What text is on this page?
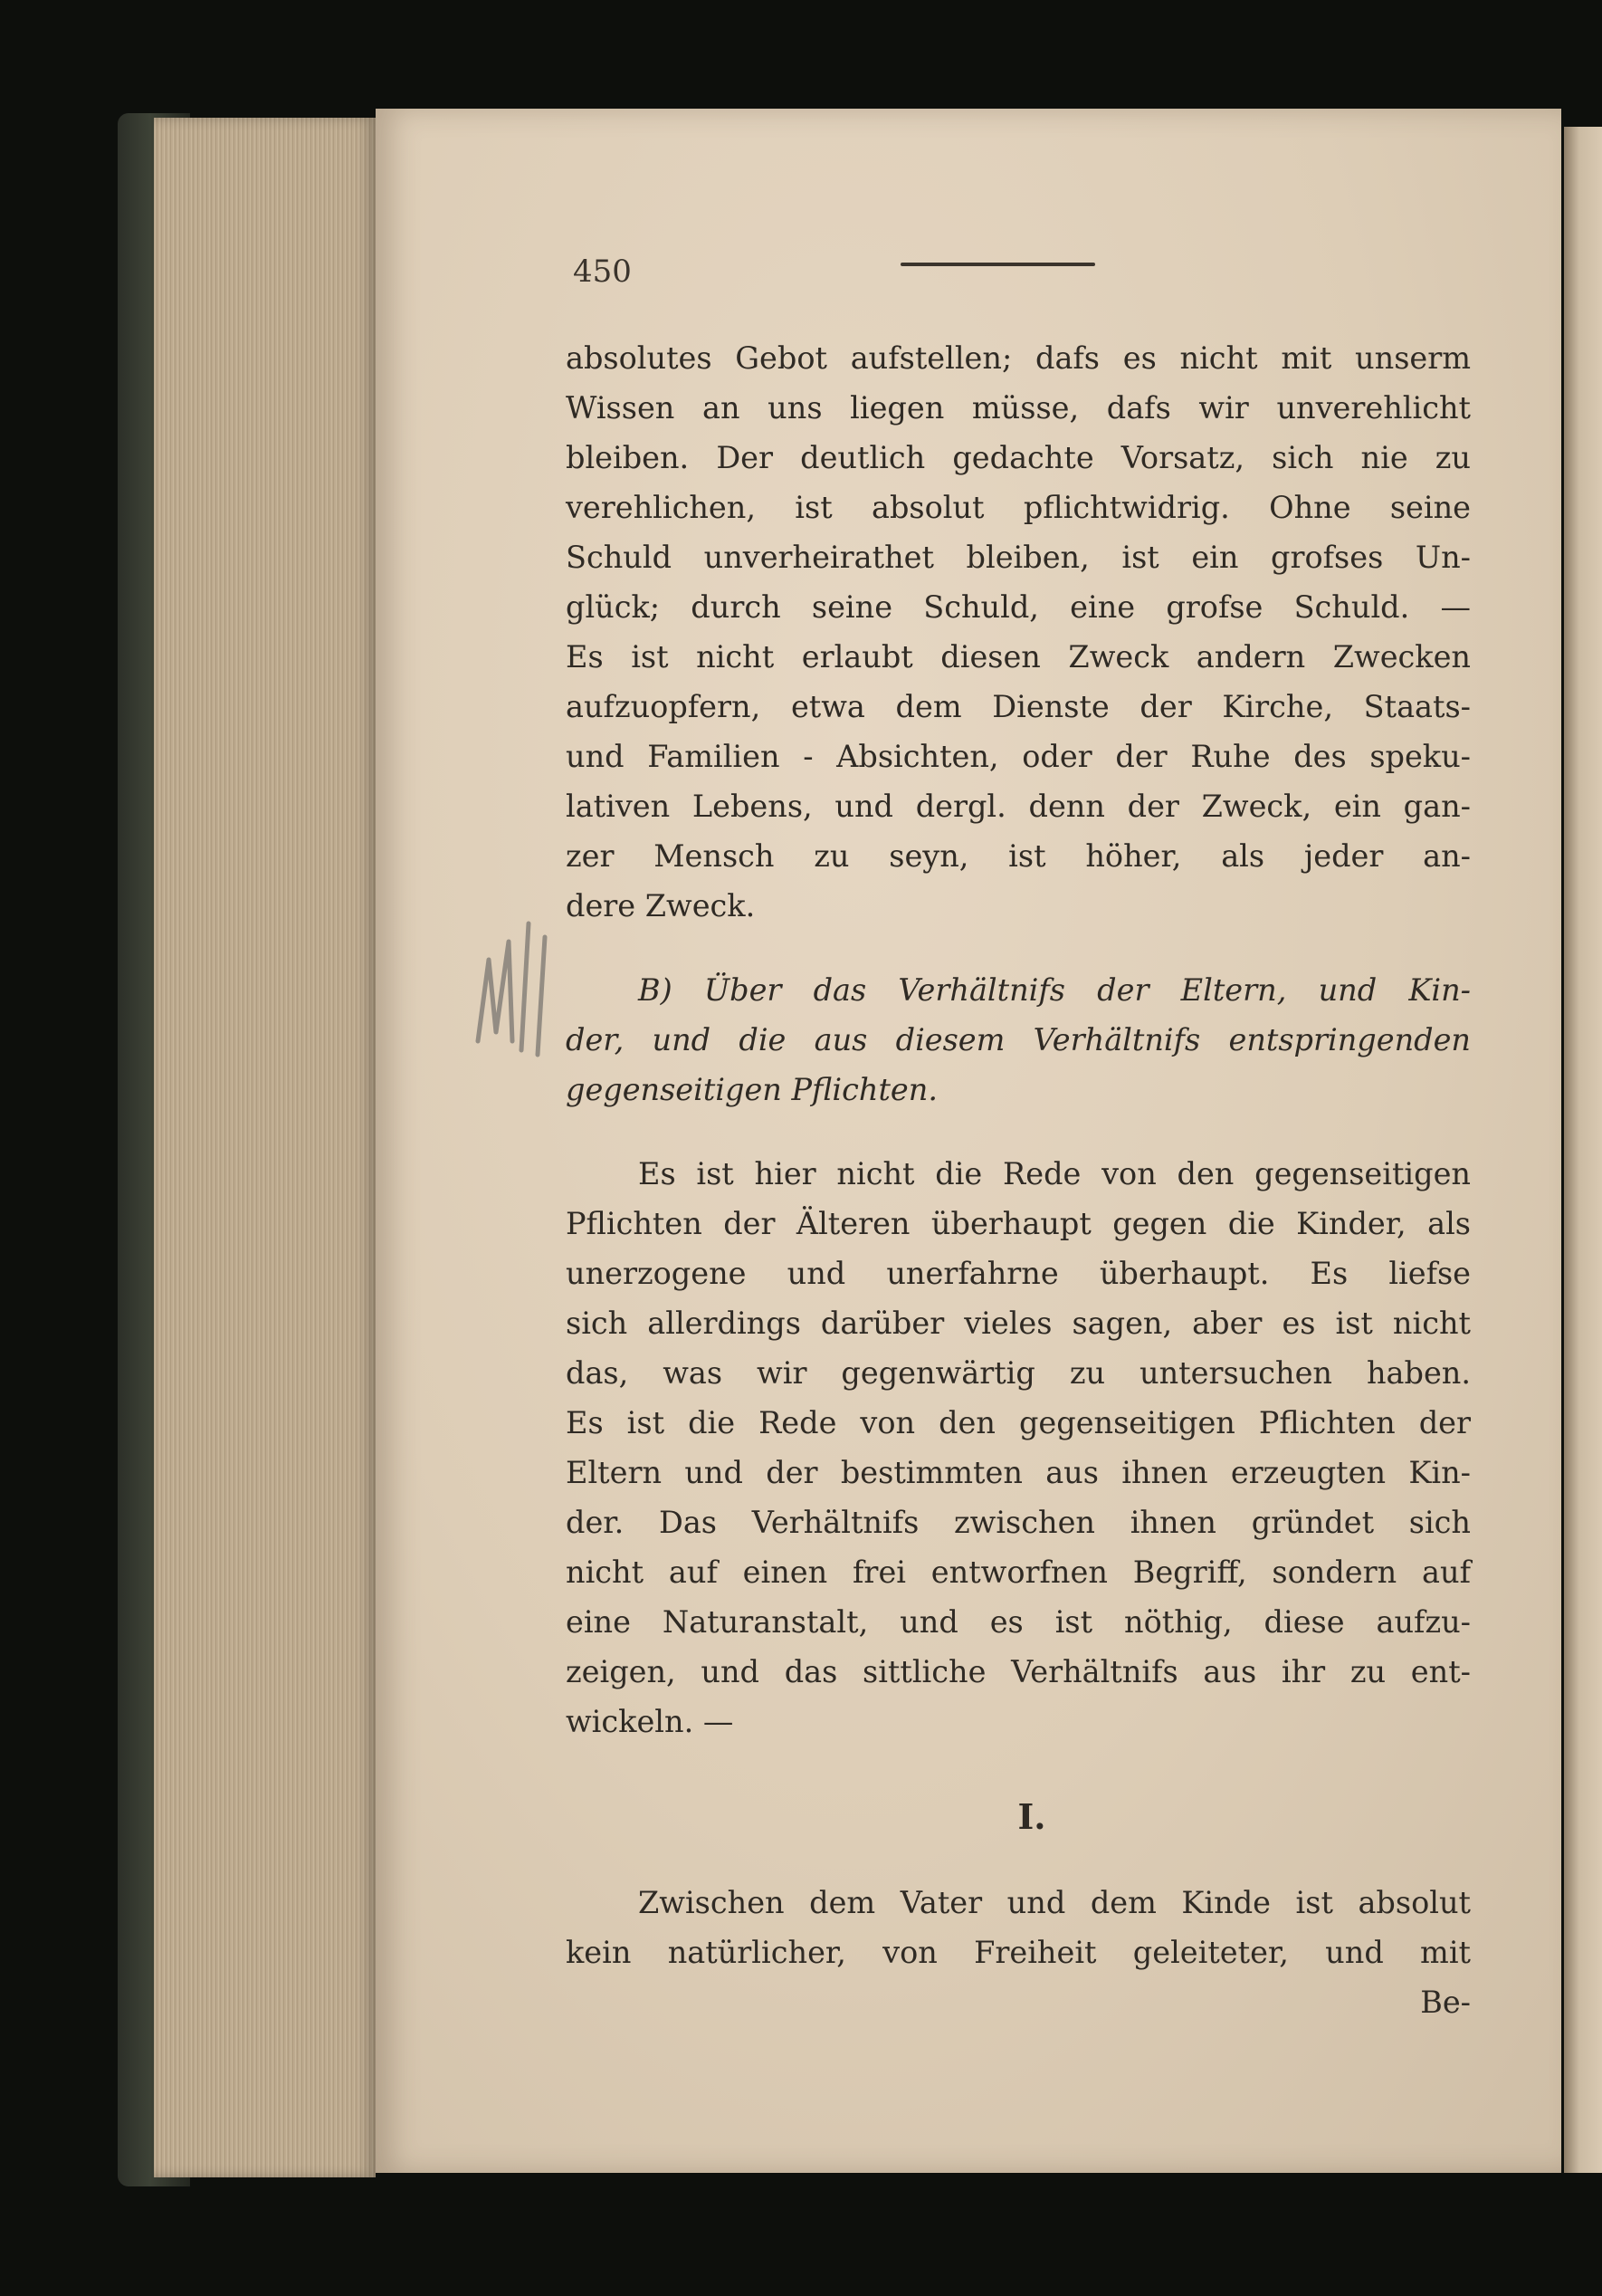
450

absolutes Gebot aufstellen; dafs es nicht mit unserm

Wissen an uns liegen müsse, dafs wir unverehlicht

bleiben. Der deutlich gedachte Vorsatz, sich nie zu

verehlichen, ist absolut pflichtwidrig. Ohne seine

Schuld unverheirathet bleiben, ist ein grofses Un-

glück; durch seine Schuld, eine grofse Schuld. —

Es ist nicht erlaubt diesen Zweck andern Zwecken

aufzuopfern, etwa dem Dienste der Kirche, Staats-

und Familien - Absichten, oder der Ruhe des speku-

lativen Lebens, und dergl. denn der Zweck, ein gan-

zer Mensch zu seyn, ist höher, als jeder an-

dere Zweck.

B) Über das Verhältnifs der Eltern, und Kin-

der, und die aus diesem Verhältnifs entspringenden

gegenseitigen Pflichten.

Es ist hier nicht die Rede von den gegenseitigen

Pflichten der Älteren überhaupt gegen die Kinder, als

unerzogene und unerfahrne überhaupt. Es liefse

sich allerdings darüber vieles sagen, aber es ist nicht

das, was wir gegenwärtig zu untersuchen haben.

Es ist die Rede von den gegenseitigen Pflichten der

Eltern und der bestimmten aus ihnen erzeugten Kin-

der. Das Verhältnifs zwischen ihnen gründet sich

nicht auf einen frei entworfnen Begriff, sondern auf

eine Naturanstalt, und es ist nöthig, diese aufzu-

zeigen, und das sittliche Verhältnifs aus ihr zu ent-

wickeln. —

I.

Zwischen dem Vater und dem Kinde ist absolut

kein natürlicher, von Freiheit geleiteter, und mit

Be-
